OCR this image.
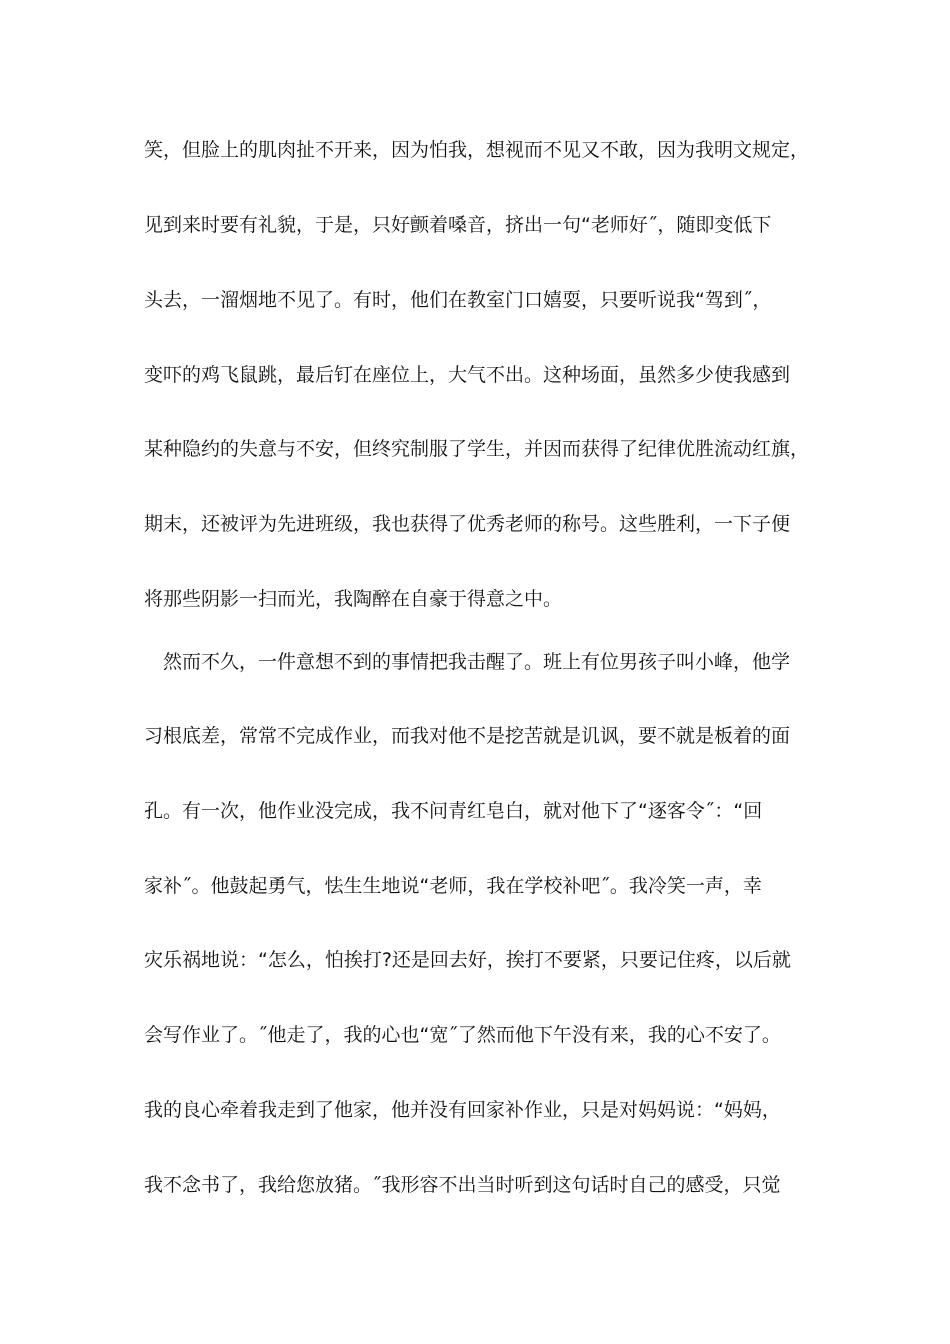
笑，但脸上的肌肉扯不开来，因为怕我，想视而不见又不敢，因为我明文规定，
见到来时要有礼貌，于是，只好颤着嗓音，挤出一句“老师好˝，随即变低下
头去，一溜烟地不见了。有时，他们在教室门口嬉耍，只要听说我“驾到˝，
变吓的鸡飞鼠跳，最后钉在座位上，大气不出。这种场面，虽然多少使我感到
某种隐约的失意与不安，但终究制服了学生，并因而获得了纪律优胜流动红旗，
期末，还被评为先进班级，我也获得了优秀老师的称号。这些胜利，一下子便
将那些阴影一扫而光，我陶醉在自豪于得意之中。
　然而不久，一件意想不到的事情把我击醒了。班上有位男孩子叫小峰，他学
习根底差，常常不完成作业，而我对他不是挖苦就是讥讽，要不就是板着的面
孔。有一次，他作业没完成，我不问青红皂白，就对他下了“逐客令˝：“回
家补˝。他鼓起勇气，怯生生地说“老师，我在学校补吧˝。我冷笑一声，幸
灾乐祸地说：“怎么，怕挨打?还是回去好，挨打不要紧，只要记住疼，以后就
会写作业了。˝他走了，我的心也“宽˝了然而他下午没有来，我的心不安了。
我的良心牵着我走到了他家，他并没有回家补作业，只是对妈妈说：“妈妈，
我不念书了，我给您放猪。˝我形容不出当时听到这句话时自己的感受，只觉
